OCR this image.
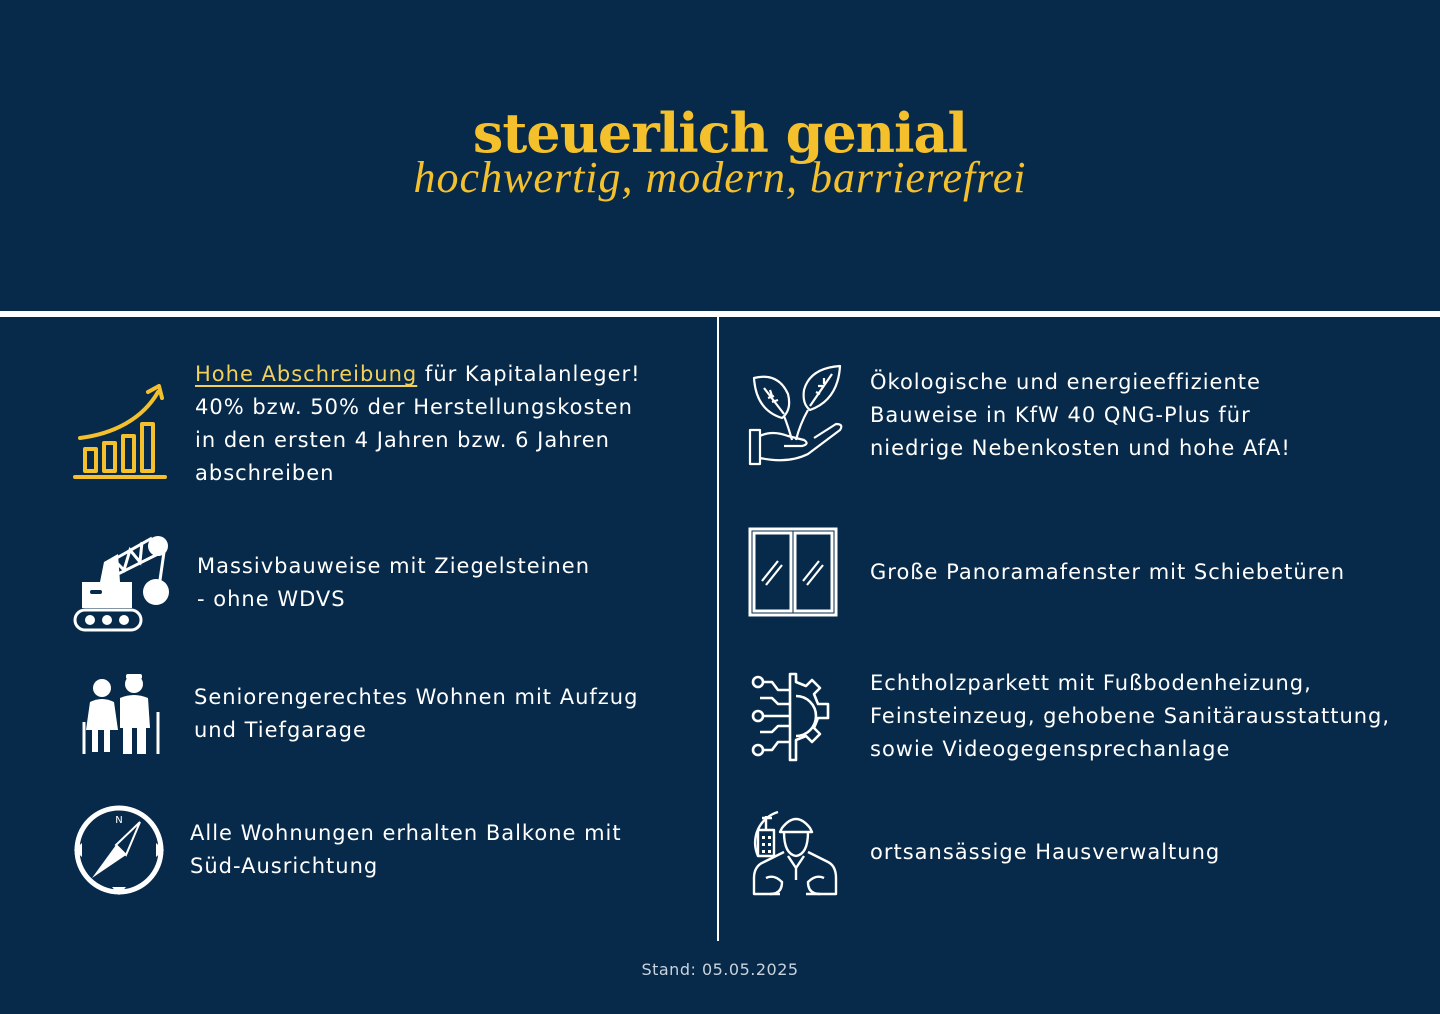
steuerlich genial
hochwertig, modern, barrierefrei
Hohe Abschreibung für Kapitalanleger!
40% bzw. 50% der Herstellungskosten
in den ersten 4 Jahren bzw. 6 Jahren
abschreiben
Massivbauweise mit Ziegelsteinen
- ohne WDVS
Seniorengerechtes Wohnen mit Aufzug
und Tiefgarage
N
Alle Wohnungen erhalten Balkone mit
Süd-Ausrichtung
Ökologische und energieeffiziente
Bauweise in KfW 40 QNG-Plus für
niedrige Nebenkosten und hohe AfA!
Große Panoramafenster mit Schiebetüren
Echtholzparkett mit Fußbodenheizung,
Feinsteinzeug, gehobene Sanitärausstattung,
sowie Videogegensprechanlage
ortsansässige Hausverwaltung
Stand: 05.05.2025
